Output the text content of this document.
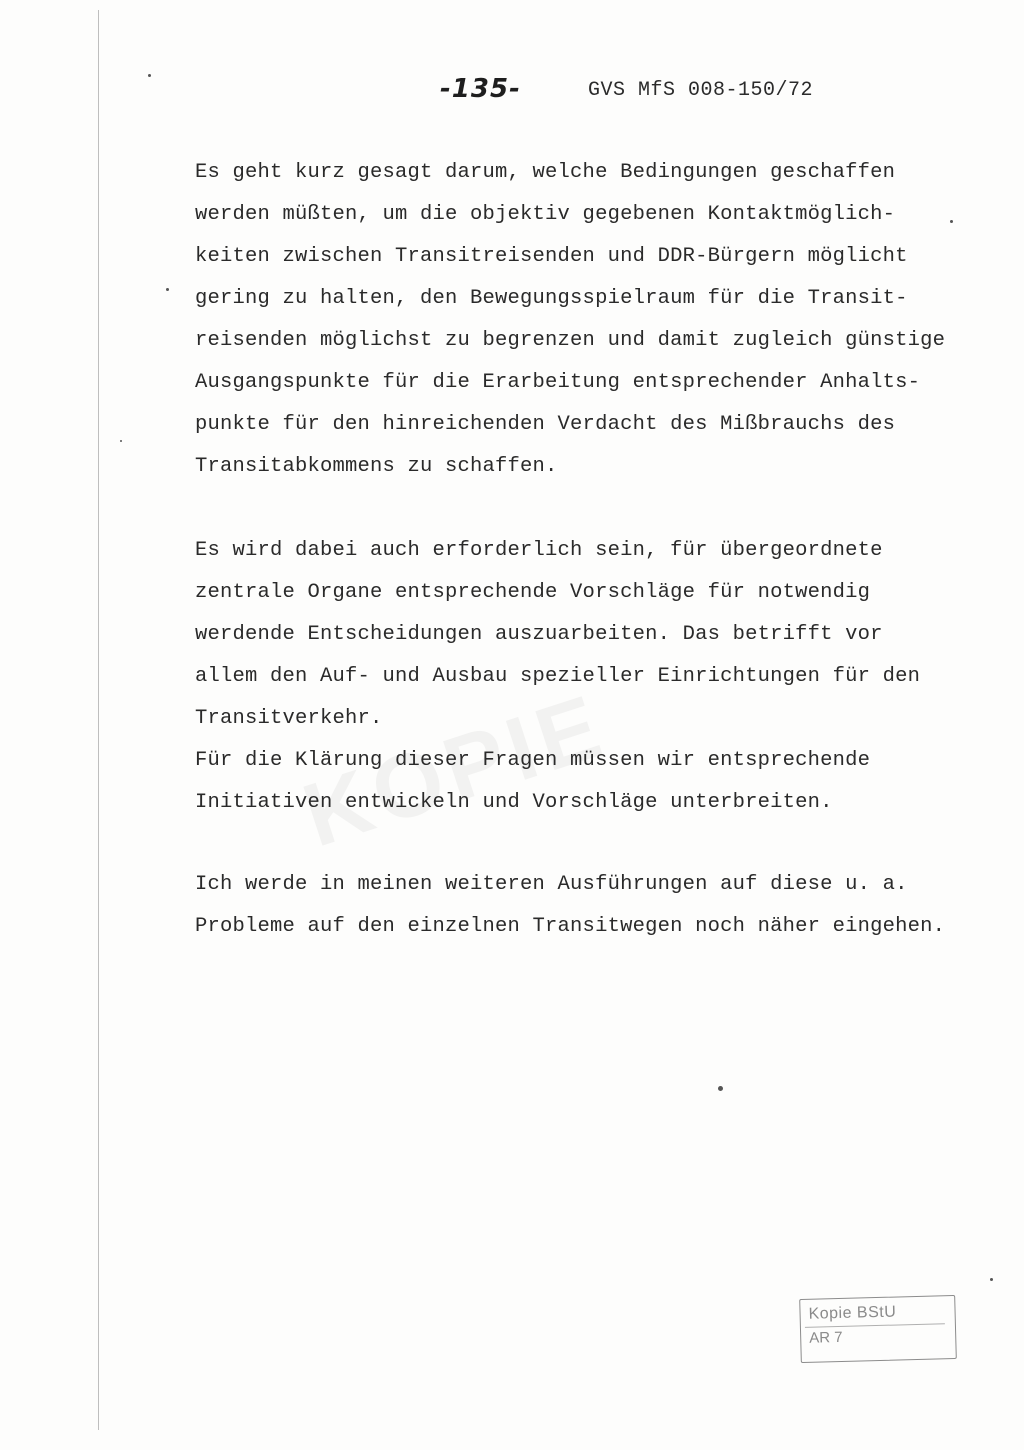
-135-	GVS MfS 008-150/72
Es geht kurz gesagt darum, welche Bedingungen geschaffen
werden müßten, um die objektiv gegebenen Kontaktmöglich-
keiten zwischen Transitreisenden und DDR-Bürgern möglicht
gering zu halten, den Bewegungsspielraum für die Transit-
reisenden möglichst zu begrenzen und damit zugleich günstige
Ausgangspunkte für die Erarbeitung entsprechender Anhalts-
punkte für den hinreichenden Verdacht des Mißbrauchs des
Transitabkommens zu schaffen.
Es wird dabei auch erforderlich sein, für übergeordnete
zentrale Organe entsprechende Vorschläge für notwendig
werdende Entscheidungen auszuarbeiten. Das betrifft vor
allem den Auf- und Ausbau spezieller Einrichtungen für den
Transitverkehr.
Für die Klärung dieser Fragen müssen wir entsprechende
Initiativen entwickeln und Vorschläge unterbreiten.
Ich werde in meinen weiteren Ausführungen auf diese u. a.
Probleme auf den einzelnen Transitwegen noch näher eingehen.
Kopie BStU
AR 7
